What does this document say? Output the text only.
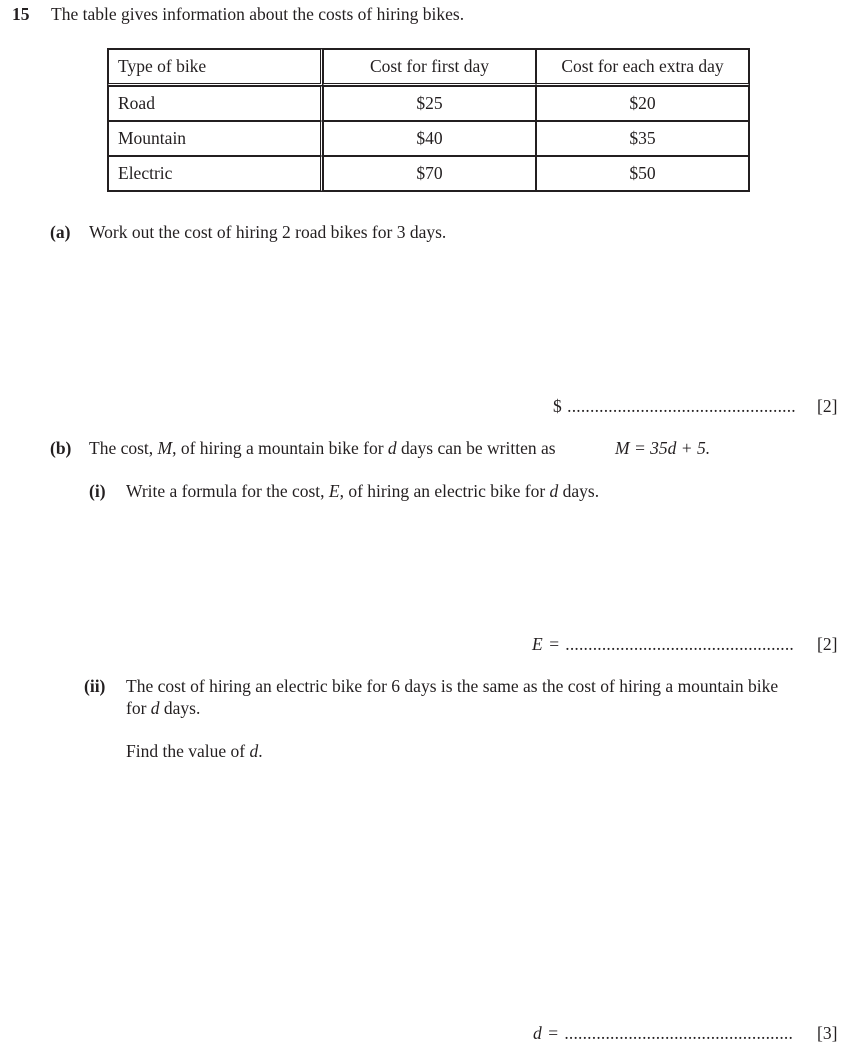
15 The table gives information about the costs of hiring bikes.
Type of bike	Cost for first day	Cost for each extra day
Road	$25	$20
Mountain	$40	$35
Electric	$70	$50
(a) Work out the cost of hiring 2 road bikes for 3 days.
$ .................................................. [2]
(b) The cost, M, of hiring a mountain bike for d days can be written as	M = 35d + 5.
(i) Write a formula for the cost, E, of hiring an electric bike for d days.
E = .................................................. [2]
(ii) The cost of hiring an electric bike for 6 days is the same as the cost of hiring a mountain bike
for d days.
Find the value of d.
d = .................................................. [3]
